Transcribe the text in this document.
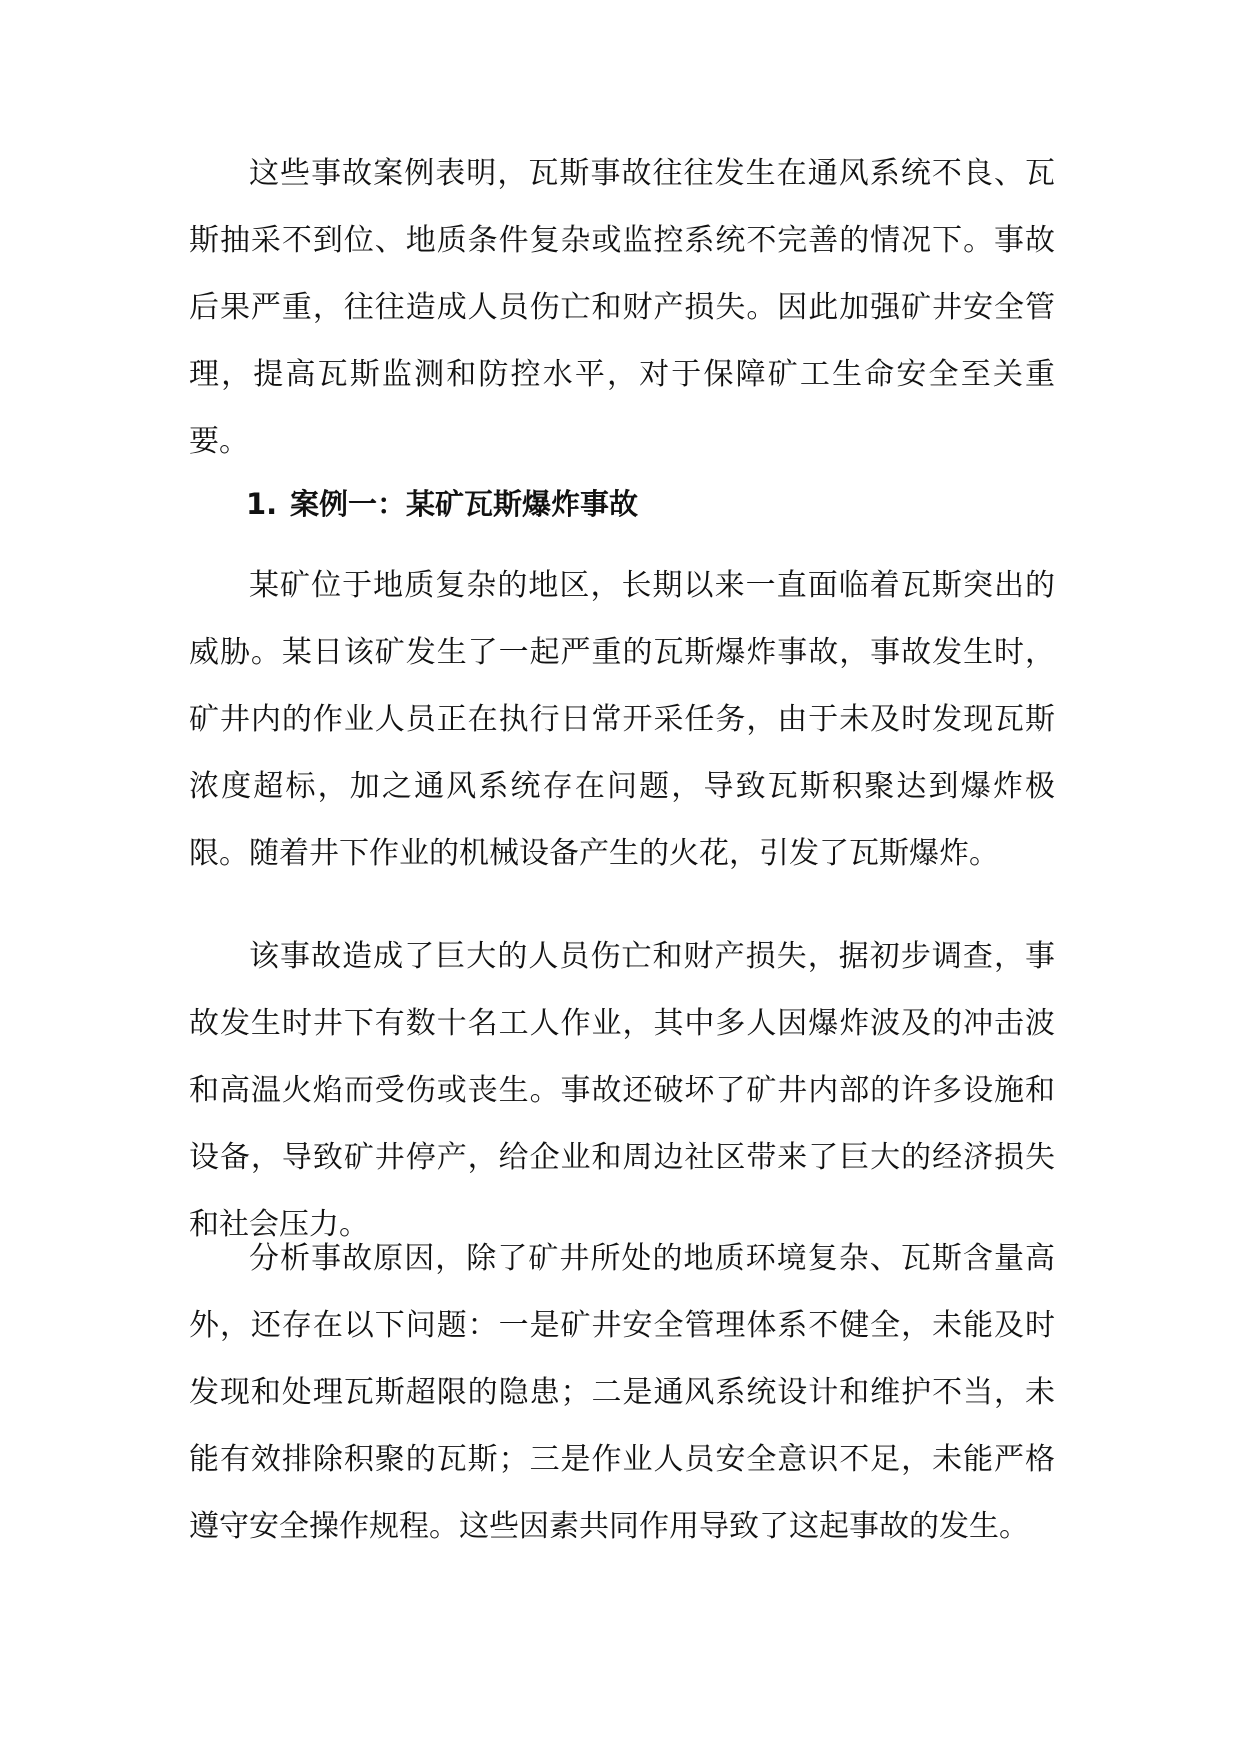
这些事故案例表明，瓦斯事故往往发生在通风系统不良、瓦斯抽采不到位、地质条件复杂或监控系统不完善的情况下。事故后果严重，往往造成人员伤亡和财产损失。因此加强矿井安全管理，提高瓦斯监测和防控水平，对于保障矿工生命安全至关重要。

1. 案例一：某矿瓦斯爆炸事故

某矿位于地质复杂的地区，长期以来一直面临着瓦斯突出的威胁。某日该矿发生了一起严重的瓦斯爆炸事故，事故发生时，矿井内的作业人员正在执行日常开采任务，由于未及时发现瓦斯浓度超标，加之通风系统存在问题，导致瓦斯积聚达到爆炸极限。随着井下作业的机械设备产生的火花，引发了瓦斯爆炸。

该事故造成了巨大的人员伤亡和财产损失，据初步调查，事故发生时井下有数十名工人作业，其中多人因爆炸波及的冲击波和高温火焰而受伤或丧生。事故还破坏了矿井内部的许多设施和设备，导致矿井停产，给企业和周边社区带来了巨大的经济损失和社会压力。

分析事故原因，除了矿井所处的地质环境复杂、瓦斯含量高外，还存在以下问题：一是矿井安全管理体系不健全，未能及时发现和处理瓦斯超限的隐患；二是通风系统设计和维护不当，未能有效排除积聚的瓦斯；三是作业人员安全意识不足，未能严格遵守安全操作规程。这些因素共同作用导致了这起事故的发生。
